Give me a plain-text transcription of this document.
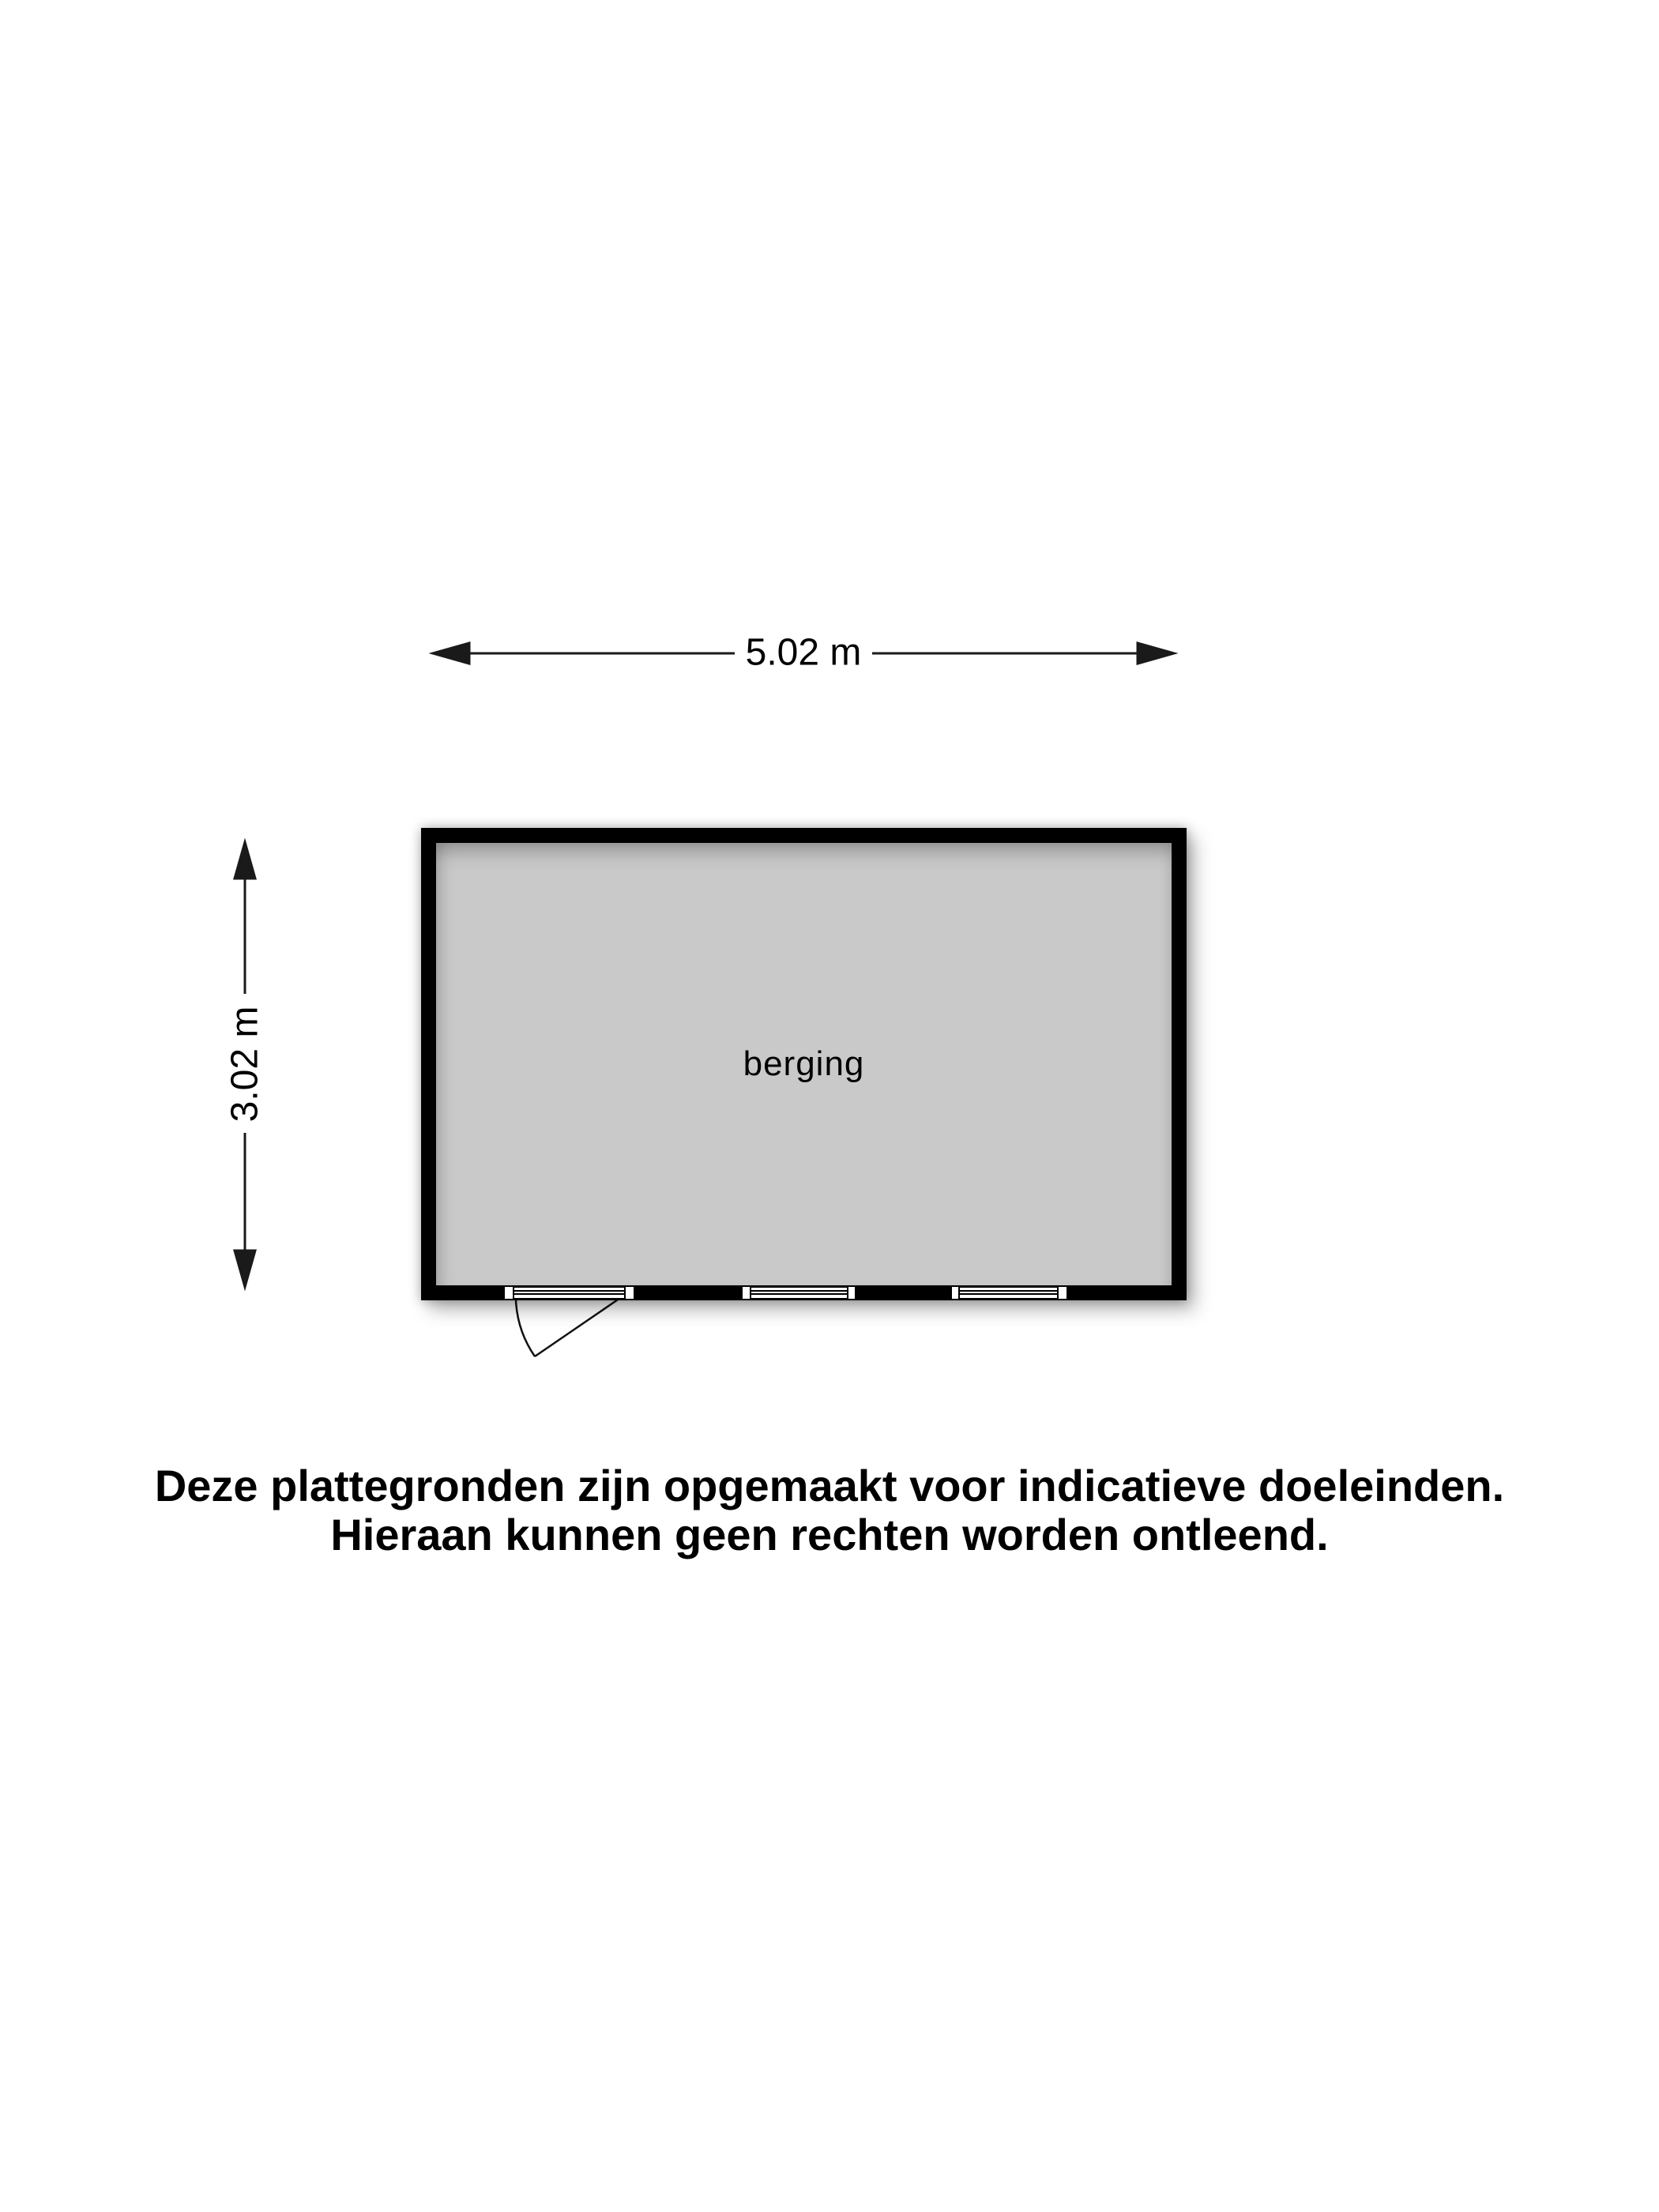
5.02 m
3.02 m	berging
Deze plattegronden zijn opgemaakt voor indicatieve doeleinden.
Hieraan kunnen geen rechten worden ontleend.
